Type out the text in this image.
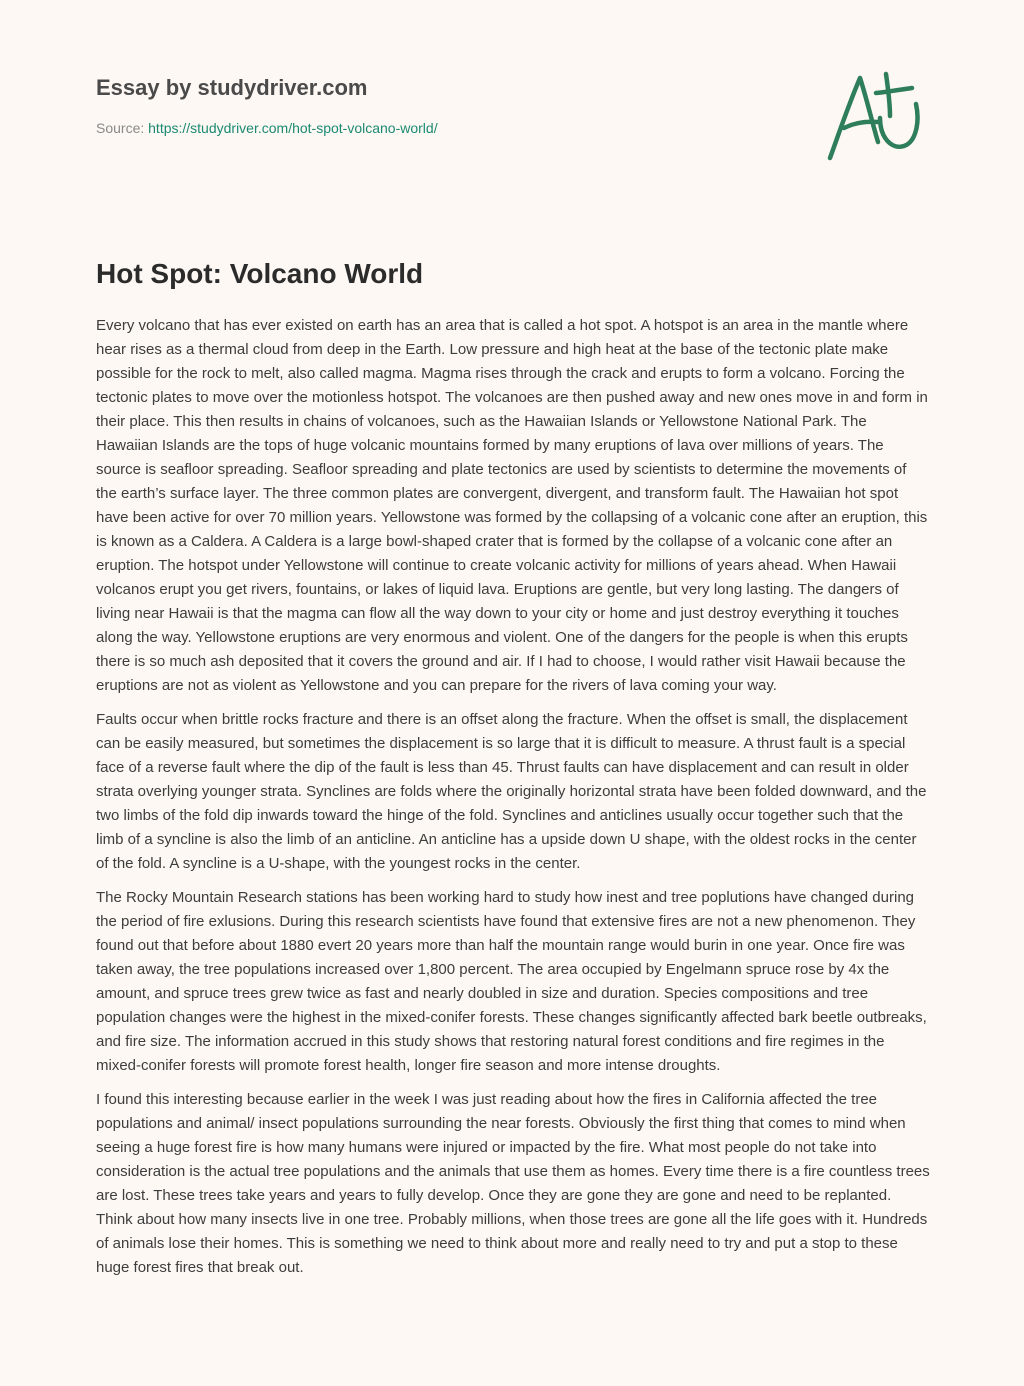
Essay by studydriver.com
Source: https://studydriver.com/hot-spot-volcano-world/
Hot Spot: Volcano World

Every volcano that has ever existed on earth has an area that is called a hot spot. A hotspot is an area in the mantle where hear rises as a thermal cloud from deep in the Earth. Low pressure and high heat at the base of the tectonic plate make possible for the rock to melt, also called magma. Magma rises through the crack and erupts to form a volcano. Forcing the tectonic plates to move over the motionless hotspot. The volcanoes are then pushed away and new ones move in and form in their place. This then results in chains of volcanoes, such as the Hawaiian Islands or Yellowstone National Park. The Hawaiian Islands are the tops of huge volcanic mountains formed by many eruptions of lava over millions of years. The source is seafloor spreading. Seafloor spreading and plate tectonics are used by scientists to determine the movements of the earth’s surface layer. The three common plates are convergent, divergent, and transform fault. The Hawaiian hot spot have been active for over 70 million years. Yellowstone was formed by the collapsing of a volcanic cone after an eruption, this is known as a Caldera. A Caldera is a large bowl-shaped crater that is formed by the collapse of a volcanic cone after an eruption. The hotspot under Yellowstone will continue to create volcanic activity for millions of years ahead. When Hawaii volcanos erupt you get rivers, fountains, or lakes of liquid lava. Eruptions are gentle, but very long lasting. The dangers of living near Hawaii is that the magma can flow all the way down to your city or home and just destroy everything it touches along the way. Yellowstone eruptions are very enormous and violent. One of the dangers for the people is when this erupts there is so much ash deposited that it covers the ground and air. If I had to choose, I would rather visit Hawaii because the eruptions are not as violent as Yellowstone and you can prepare for the rivers of lava coming your way.

Faults occur when brittle rocks fracture and there is an offset along the fracture. When the offset is small, the displacement can be easily measured, but sometimes the displacement is so large that it is difficult to measure. A thrust fault is a special face of a reverse fault where the dip of the fault is less than 45. Thrust faults can have displacement and can result in older strata overlying younger strata. Synclines are folds where the originally horizontal strata have been folded downward, and the two limbs of the fold dip inwards toward the hinge of the fold. Synclines and anticlines usually occur together such that the limb of a syncline is also the limb of an anticline. An anticline has a upside down U shape, with the oldest rocks in the center of the fold. A syncline is a U-shape, with the youngest rocks in the center.

The Rocky Mountain Research stations has been working hard to study how inest and tree poplutions have changed during the period of fire exlusions. During this research scientists have found that extensive fires are not a new phenomenon. They found out that before about 1880 evert 20 years more than half the mountain range would burin in one year. Once fire was taken away, the tree populations increased over 1,800 percent. The area occupied by Engelmann spruce rose by 4x the amount, and spruce trees grew twice as fast and nearly doubled in size and duration. Species compositions and tree population changes were the highest in the mixed-conifer forests. These changes significantly affected bark beetle outbreaks, and fire size. The information accrued in this study shows that restoring natural forest conditions and fire regimes in the mixed-conifer forests will promote forest health, longer fire season and more intense droughts.

I found this interesting because earlier in the week I was just reading about how the fires in California affected the tree populations and animal/ insect populations surrounding the near forests. Obviously the first thing that comes to mind when seeing a huge forest fire is how many humans were injured or impacted by the fire. What most people do not take into consideration is the actual tree populations and the animals that use them as homes. Every time there is a fire countless trees are lost. These trees take years and years to fully develop. Once they are gone they are gone and need to be replanted. Think about how many insects live in one tree. Probably millions, when those trees are gone all the life goes with it. Hundreds of animals lose their homes. This is something we need to think about more and really need to try and put a stop to these huge forest fires that break out.
